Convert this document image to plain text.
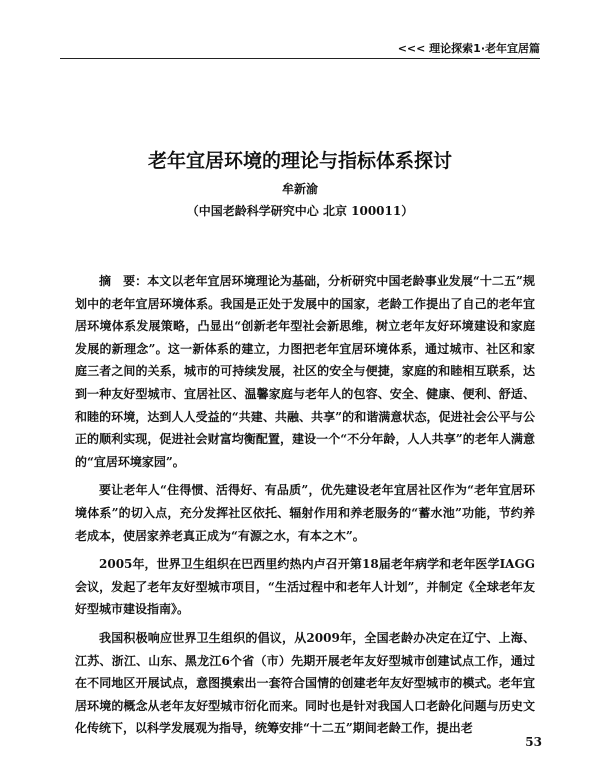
<<< 理论探索1·老年宜居篇
老年宜居环境的理论与指标体系探讨
牟新渝
（中国老龄科学研究中心 北京 100011）

摘　要：本文以老年宜居环境理论为基础，分析研究中国老龄事业发展“十二五”规划中的老年宜居环境体系。我国是正处于发展中的国家，老龄工作提出了自己的老年宜居环境体系发展策略，凸显出“创新老年型社会新思维，树立老年友好环境建设和家庭发展的新理念”。这一新体系的建立，力图把老年宜居环境体系，通过城市、社区和家庭三者之间的关系，城市的可持续发展，社区的安全与便捷，家庭的和睦相互联系，达到一种友好型城市、宜居社区、温馨家庭与老年人的包容、安全、健康、便利、舒适、和睦的环境，达到人人受益的“共建、共融、共享”的和谐满意状态，促进社会公平与公正的顺利实现，促进社会财富均衡配置，建设一个“不分年龄，人人共享”的老年人满意的“宜居环境家园”。

要让老年人“住得惯、活得好、有品质”，优先建设老年宜居社区作为“老年宜居环境体系”的切入点，充分发挥社区依托、辐射作用和养老服务的“蓄水池”功能，节约养老成本，使居家养老真正成为“有源之水，有本之木”。

2005年，世界卫生组织在巴西里约热内卢召开第18届老年病学和老年医学IAGG会议，发起了老年友好型城市项目，“生活过程中和老年人计划”，并制定《全球老年友好型城市建设指南》。

我国积极响应世界卫生组织的倡议，从2009年，全国老龄办决定在辽宁、上海、江苏、浙江、山东、黑龙江6个省（市）先期开展老年友好型城市创建试点工作，通过在不同地区开展试点，意图摸索出一套符合国情的创建老年友好型城市的模式。老年宜居环境的概念从老年友好型城市衍化而来。同时也是针对我国人口老龄化问题与历史文化传统下，以科学发展观为指导，统筹安排“十二五”期间老龄工作，提出老

53
